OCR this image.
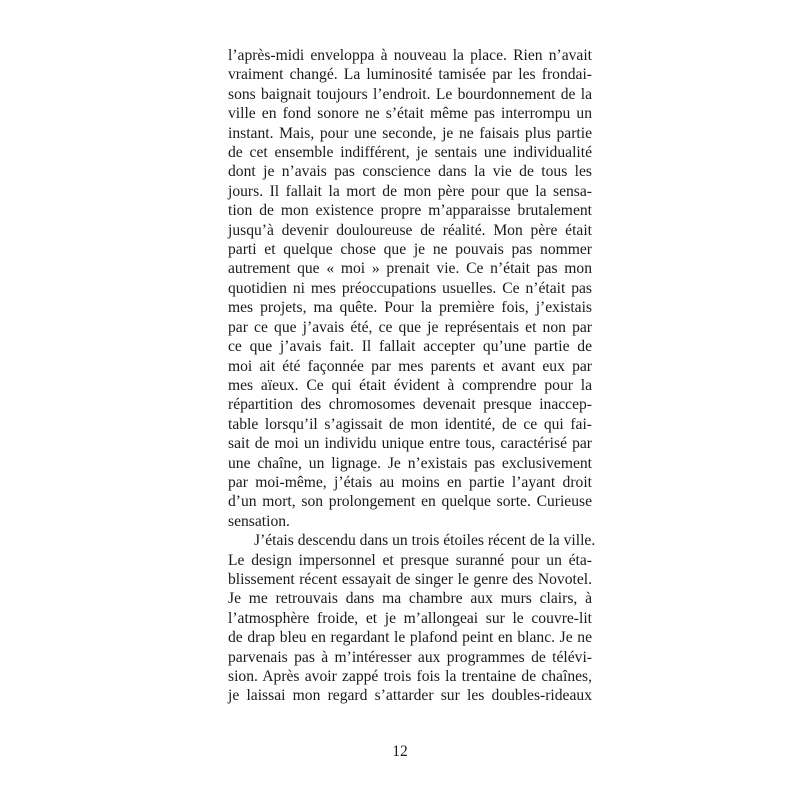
l’après-midi enveloppa à nouveau la place. Rien n’avait
vraiment changé. La luminosité tamisée par les frondai-
sons baignait toujours l’endroit. Le bourdonnement de la
ville en fond sonore ne s’était même pas interrompu un
instant. Mais, pour une seconde, je ne faisais plus partie
de cet ensemble indifférent, je sentais une individualité
dont je n’avais pas conscience dans la vie de tous les
jours. Il fallait la mort de mon père pour que la sensa-
tion de mon existence propre m’apparaisse brutalement
jusqu’à devenir douloureuse de réalité. Mon père était
parti et quelque chose que je ne pouvais pas nommer
autrement que « moi » prenait vie. Ce n’était pas mon
quotidien ni mes préoccupations usuelles. Ce n’était pas
mes projets, ma quête. Pour la première fois, j’existais
par ce que j’avais été, ce que je représentais et non par
ce que j’avais fait. Il fallait accepter qu’une partie de
moi ait été façonnée par mes parents et avant eux par
mes aïeux. Ce qui était évident à comprendre pour la
répartition des chromosomes devenait presque inaccep-
table lorsqu’il s’agissait de mon identité, de ce qui fai-
sait de moi un individu unique entre tous, caractérisé par
une chaîne, un lignage. Je n’existais pas exclusivement
par moi-même, j’étais au moins en partie l’ayant droit
d’un mort, son prolongement en quelque sorte. Curieuse
sensation.
J’étais descendu dans un trois étoiles récent de la ville.
Le design impersonnel et presque suranné pour un éta-
blissement récent essayait de singer le genre des Novotel.
Je me retrouvais dans ma chambre aux murs clairs, à
l’atmosphère froide, et je m’allongeai sur le couvre-lit
de drap bleu en regardant le plafond peint en blanc. Je ne
parvenais pas à m’intéresser aux programmes de télévi-
sion. Après avoir zappé trois fois la trentaine de chaînes,
je laissai mon regard s’attarder sur les doubles-rideaux
12
